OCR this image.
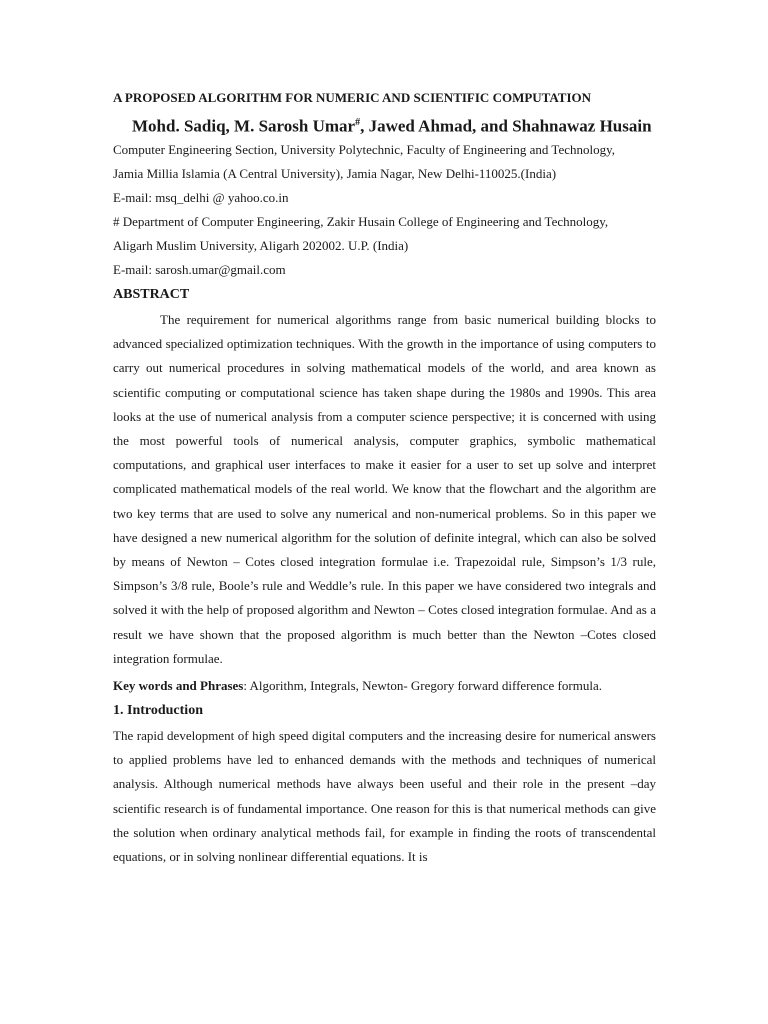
A PROPOSED ALGORITHM FOR NUMERIC AND SCIENTIFIC COMPUTATION
Mohd. Sadiq, M. Sarosh Umar#, Jawed Ahmad, and Shahnawaz Husain
Computer Engineering Section, University Polytechnic, Faculty of Engineering and Technology,
Jamia Millia Islamia (A Central University), Jamia Nagar, New Delhi-110025.(India)
E-mail: msq_delhi @ yahoo.co.in
# Department of Computer Engineering, Zakir Husain College of Engineering and Technology,
Aligarh Muslim University, Aligarh 202002. U.P. (India)
E-mail: sarosh.umar@gmail.com
ABSTRACT
The requirement for numerical algorithms range from basic numerical building blocks to advanced specialized optimization techniques. With the growth in the importance of using computers to carry out numerical procedures in solving mathematical models of the world, and area known as scientific computing or computational science has taken shape during the 1980s and 1990s. This area looks at the use of numerical analysis from a computer science perspective; it is concerned with using the most powerful tools of numerical analysis, computer graphics, symbolic mathematical computations, and graphical user interfaces to make it easier for a user to set up solve and interpret complicated mathematical models of the real world. We know that the flowchart and the algorithm are two key terms that are used to solve any numerical and non-numerical problems. So in this paper we have designed a new numerical algorithm for the solution of definite integral, which can also be solved by means of Newton – Cotes closed integration formulae i.e. Trapezoidal rule, Simpson’s 1/3 rule, Simpson’s 3/8 rule, Boole’s rule and Weddle’s rule. In this paper we have considered two integrals and solved it with the help of proposed algorithm and Newton – Cotes closed integration formulae. And as a result we have shown that the proposed algorithm is much better than the Newton –Cotes closed integration formulae.
Key words and Phrases: Algorithm, Integrals, Newton- Gregory forward difference formula.
1. Introduction
The rapid development of high speed digital computers and the increasing desire for numerical answers to applied problems have led to enhanced demands with the methods and techniques of numerical analysis. Although numerical methods have always been useful and their role in the present –day scientific research is of fundamental importance. One reason for this is that numerical methods can give the solution when ordinary analytical methods fail, for example in finding the roots of transcendental equations, or in solving nonlinear differential equations. It is
